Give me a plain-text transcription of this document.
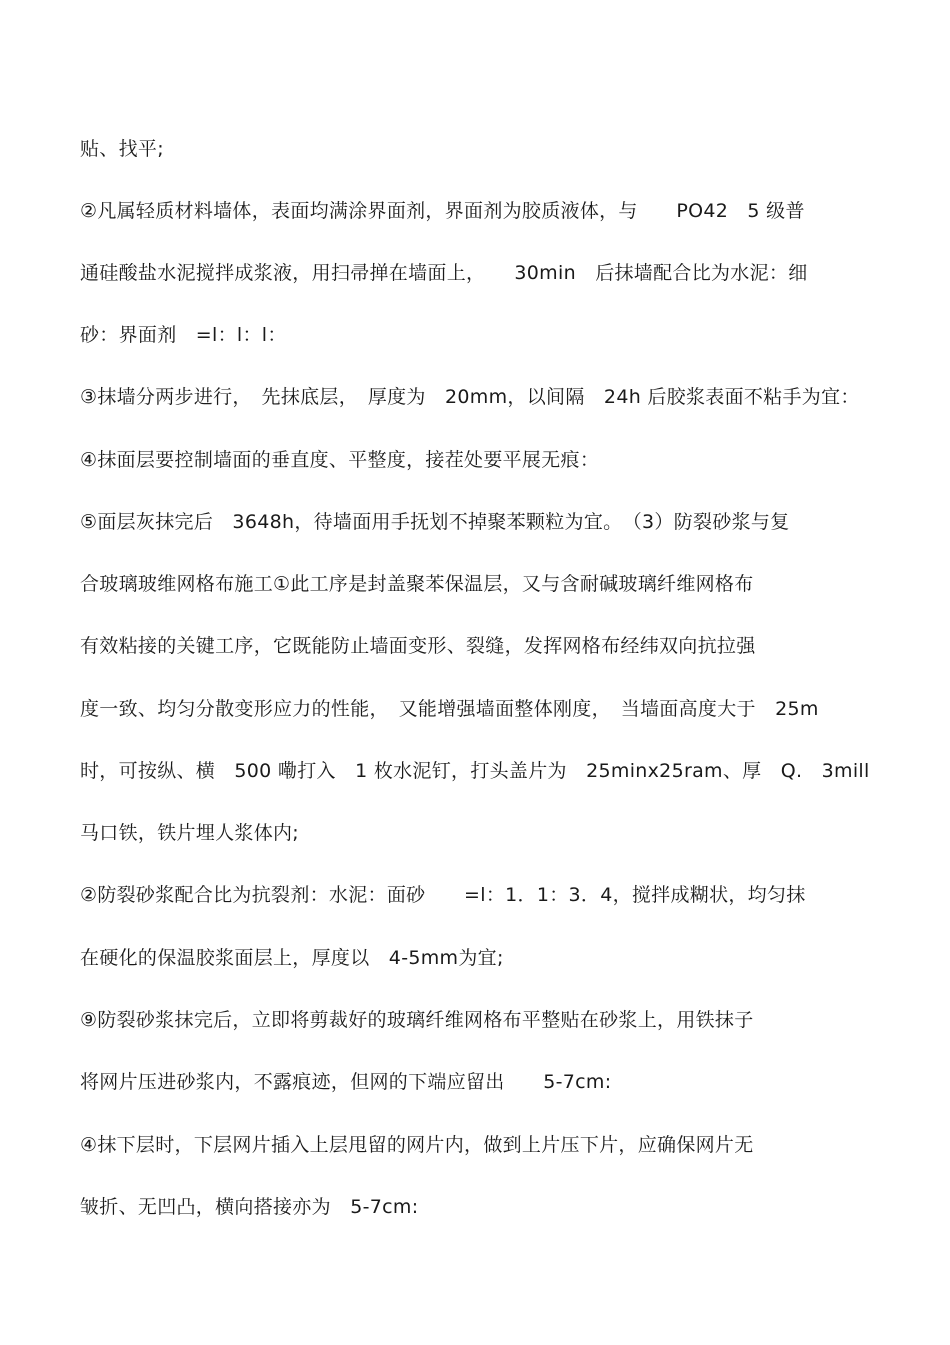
贴、找平;
②凡属轻质材料墙体，表面均满涂界面剂，界面剂为胶质液体，与　　PO42　5 级普
通硅酸盐水泥搅拌成浆液，用扫帚掸在墙面上，　　30min　后抹墙配合比为水泥：细
砂：界面剂　=l：l：l：
③抹墙分两步进行，　先抹底层，　厚度为　20mm，以间隔　24h 后胶浆表面不粘手为宜：
④抹面层要控制墙面的垂直度、平整度，接茬处要平展无痕：
⑤面层灰抹完后　3648h，待墙面用手抚划不掉聚苯颗粒为宜。　（3）防裂砂浆与复
合玻璃玻维网格布施工①此工序是封盖聚苯保温层，又与含耐碱玻璃纤维网格布
有效粘接的关键工序，它既能防止墙面变形、裂缝，发挥网格布经纬双向抗拉强
度一致、均匀分散变形应力的性能，　又能增强墙面整体刚度，　当墙面高度大于　25m
时，可按纵、横　500 嘞打入　1 枚水泥钉，打头盖片为　25minx25ram、厚　Q.　3mill
马口铁，铁片埋人浆体内;
②防裂砂浆配合比为抗裂剂：水泥：面砂　　=l：1．1：3．4，搅拌成糊状，均匀抹
在硬化的保温胶浆面层上，厚度以　4-5mm为宜;
⑨防裂砂浆抹完后，立即将剪裁好的玻璃纤维网格布平整贴在砂浆上，用铁抹子
将网片压进砂浆内，不露痕迹，但网的下端应留出　　5-7cm:
④抹下层时，下层网片插入上层甩留的网片内，做到上片压下片，应确保网片无
皱折、无凹凸，横向搭接亦为　5-7cm:
